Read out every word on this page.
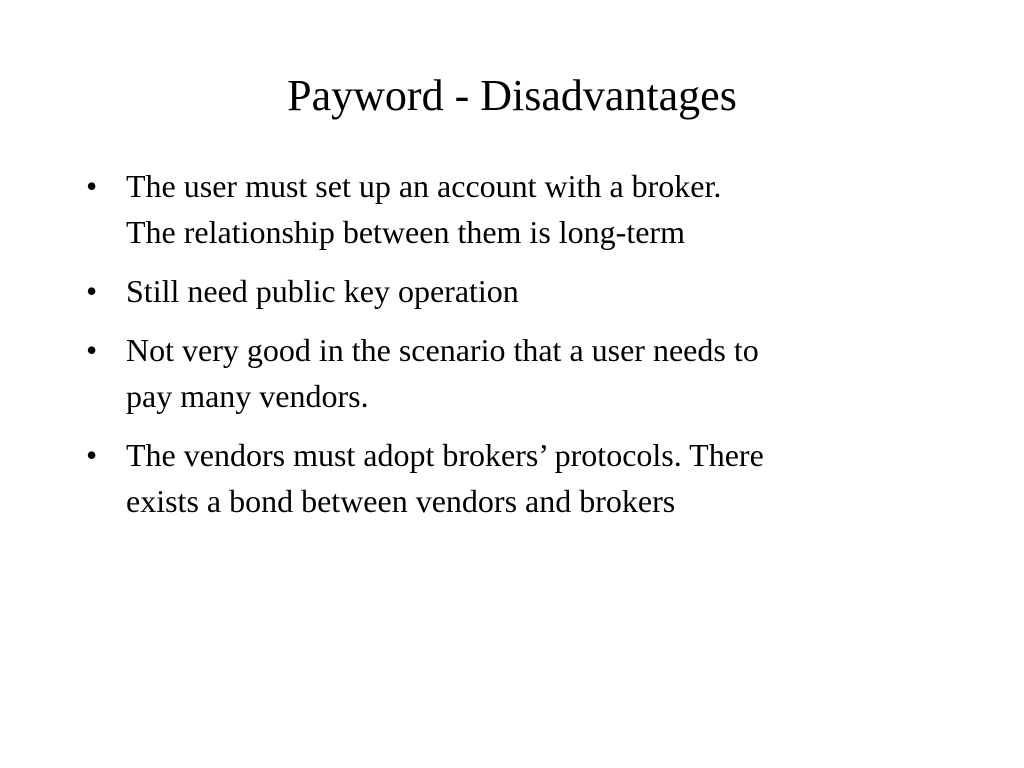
Payword - Disadvantages
• The user must set up an account with a broker.
The relationship between them is long-term
• Still need public key operation
• Not very good in the scenario that a user needs to
pay many vendors.
• The vendors must adopt brokers’ protocols. There
exists a bond between vendors and brokers
